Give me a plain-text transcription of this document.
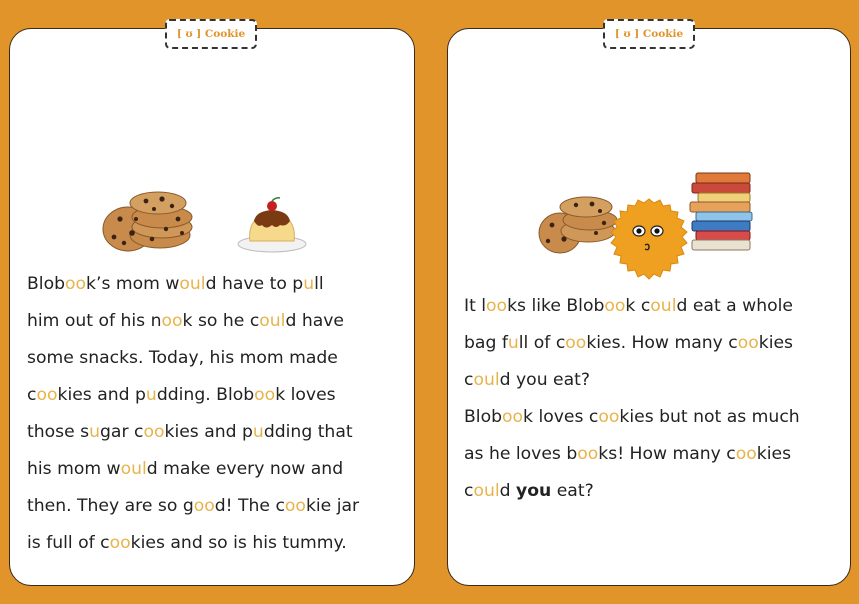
[ ʊ ] Cookie
Blobook’s mom would have to pull
him out of his nook so he could have
some snacks. Today, his mom made
cookies and pudding. Blobook loves
those sugar cookies and pudding that
his mom would make every now and
then. They are so good! The cookie jar
is full of cookies and so is his tummy.
[ ʊ ] Cookie
It looks like Blobook could eat a whole
bag full of cookies. How many cookies
could you eat?
Blobook loves cookies but not as much
as he loves books! How many cookies
could you eat?
